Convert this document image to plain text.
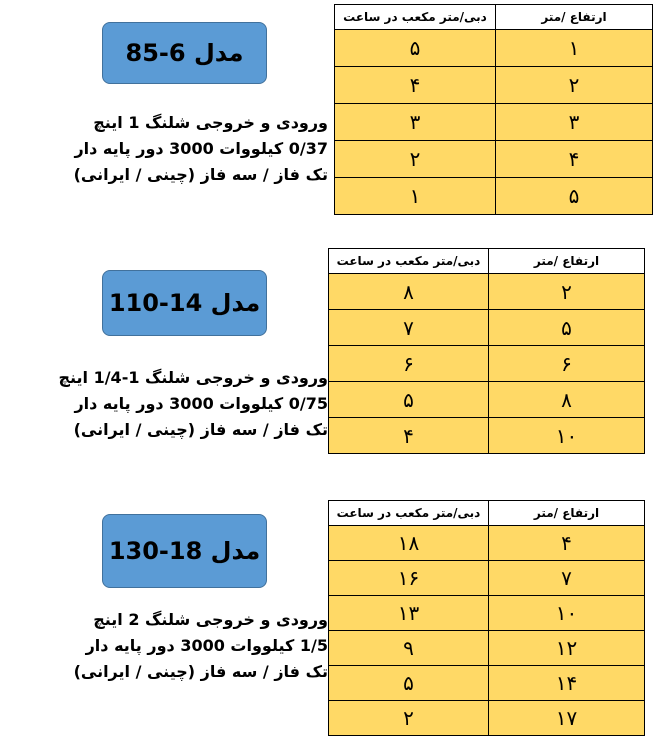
مدل 6-85
ورودی و خروجی شلنگ 1 اینچ
0/37 کیلووات 3000 دور پایه دار
تک فاز / سه فاز (چینی / ایرانی)
ارتفاع /متر	دبی/متر مکعب در ساعت
۱	۵
۲	۴
۳	۳
۴	۲
۵	۱
مدل 14-110
ورودی و خروجی شلنگ 1-1/4 اینچ
0/75 کیلووات 3000 دور پایه دار
تک فاز / سه فاز (چینی / ایرانی)
ارتفاع /متر	دبی/متر مکعب در ساعت
۲	۸
۵	۷
۶	۶
۸	۵
۱۰	۴
مدل 18-130
ورودی و خروجی شلنگ 2 اینچ
1/5 کیلووات 3000 دور پایه دار
تک فاز / سه فاز (چینی / ایرانی)
ارتفاع /متر	دبی/متر مکعب در ساعت
۴	۱۸
۷	۱۶
۱۰	۱۳
۱۲	۹
۱۴	۵
۱۷	۲
